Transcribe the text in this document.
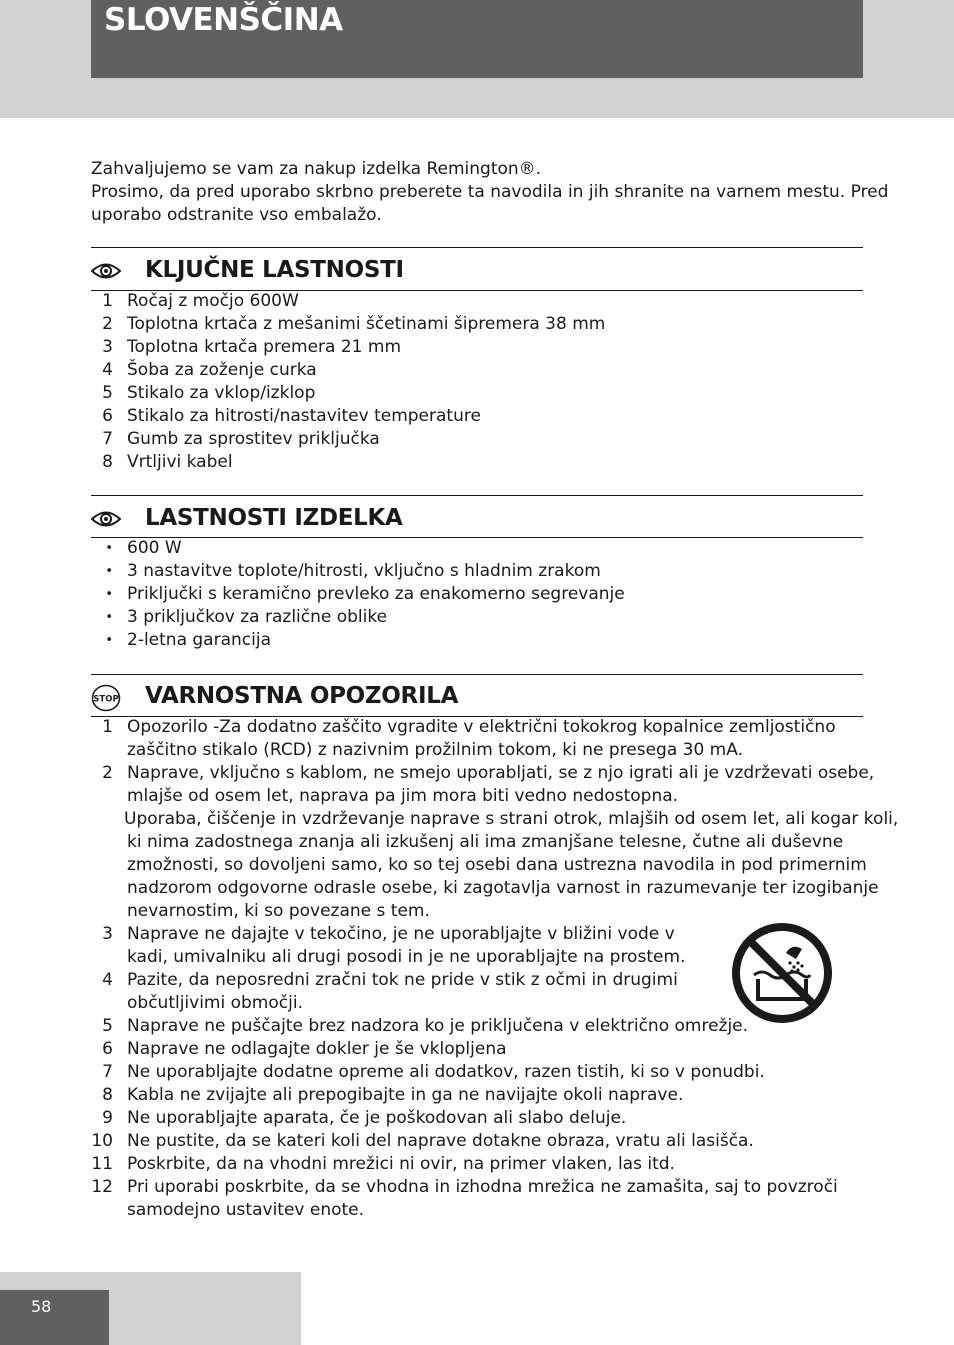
SLOVENŠČINA
Zahvaljujemo se vam za nakup izdelka Remington®.
Prosimo, da pred uporabo skrbno preberete ta navodila in jih shranite na varnem mestu. Pred
uporabo odstranite vso embalažo.
KLJUČNE LASTNOSTI
1 Ročaj z močjo 600W
2 Toplotna krtača z mešanimi ščetinami šipremera 38 mm
3 Toplotna krtača premera 21 mm
4 Šoba za zoženje curka
5 Stikalo za vklop/izklop
6 Stikalo za hitrosti/nastavitev temperature
7 Gumb za sprostitev priključka
8 Vrtljivi kabel
LASTNOSTI IZDELKA
• 600 W
• 3 nastavitve toplote/hitrosti, vključno s hladnim zrakom
• Priključki s keramično prevleko za enakomerno segrevanje
• 3 priključkov za različne oblike
• 2-letna garancija
STOP VARNOSTNA OPOZORILA
1 Opozorilo -Za dodatno zaščito vgradite v električni tokokrog kopalnice zemljostično
zaščitno stikalo (RCD) z nazivnim prožilnim tokom, ki ne presega 30 mA.
2 Naprave, vključno s kablom, ne smejo uporabljati, se z njo igrati ali je vzdrževati osebe,
mlajše od osem let, naprava pa jim mora biti vedno nedostopna.
Uporaba, čiščenje in vzdrževanje naprave s strani otrok, mlajših od osem let, ali kogar koli,
ki nima zadostnega znanja ali izkušenj ali ima zmanjšane telesne, čutne ali duševne
zmožnosti, so dovoljeni samo, ko so tej osebi dana ustrezna navodila in pod primernim
nadzorom odgovorne odrasle osebe, ki zagotavlja varnost in razumevanje ter izogibanje
nevarnostim, ki so povezane s tem.
3 Naprave ne dajajte v tekočino, je ne uporabljajte v bližini vode v
kadi, umivalniku ali drugi posodi in je ne uporabljajte na prostem.
4 Pazite, da neposredni zračni tok ne pride v stik z očmi in drugimi
občutljivimi območji.
5 Naprave ne puščajte brez nadzora ko je priključena v električno omrežje.
6 Naprave ne odlagajte dokler je še vklopljena
7 Ne uporabljajte dodatne opreme ali dodatkov, razen tistih, ki so v ponudbi.
8 Kabla ne zvijajte ali prepogibajte in ga ne navijajte okoli naprave.
9 Ne uporabljajte aparata, če je poškodovan ali slabo deluje.
10 Ne pustite, da se kateri koli del naprave dotakne obraza, vratu ali lasišča.
11 Poskrbite, da na vhodni mrežici ni ovir, na primer vlaken, las itd.
12 Pri uporabi poskrbite, da se vhodna in izhodna mrežica ne zamašita, saj to povzroči
samodejno ustavitev enote.
58
